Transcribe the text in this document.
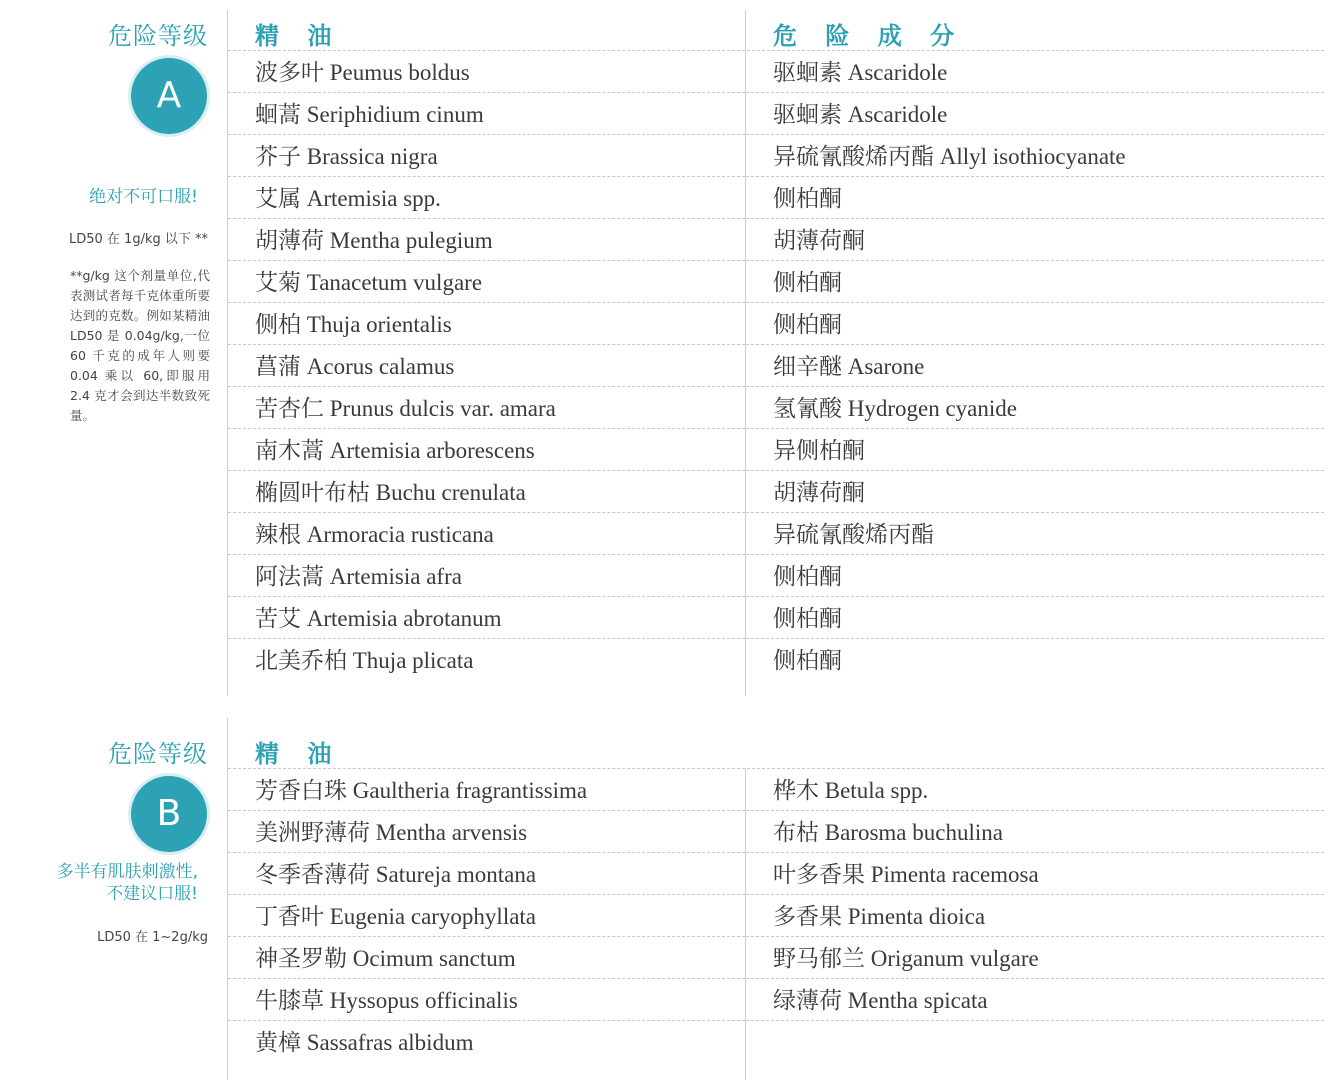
危险等级
A
绝对不可口服!
LD50 在 1g/kg 以下 **
**g/kg 这个剂量单位,代表测试者每千克体重所要达到的克数。例如某精油 LD50 是 0.04g/kg,一位 60 千克的成年人则要 0.04 乘以 60,即服用 2.4 克才会到达半数致死量。
精 油	危 险 成 分
波多叶 Peumus boldus
蛔蒿 Seriphidium cinum
芥子 Brassica nigra
艾属 Artemisia spp.
胡薄荷 Mentha pulegium
艾菊 Tanacetum vulgare
侧柏 Thuja orientalis
菖蒲 Acorus calamus
苦杏仁 Prunus dulcis var. amara
南木蒿 Artemisia arborescens
椭圆叶布枯 Buchu crenulata
辣根 Armoracia rusticana
阿法蒿 Artemisia afra
苦艾 Artemisia abrotanum
北美乔柏 Thuja plicata
驱蛔素 Ascaridole
驱蛔素 Ascaridole
异硫氰酸烯丙酯 Allyl isothiocyanate
侧柏酮
胡薄荷酮
侧柏酮
侧柏酮
细辛醚 Asarone
氢氰酸 Hydrogen cyanide
异侧柏酮
胡薄荷酮
异硫氰酸烯丙酯
侧柏酮
侧柏酮
侧柏酮
危险等级
B
多半有肌肤刺激性,
不建议口服!
LD50 在 1~2g/kg
精 油
芳香白珠 Gaultheria fragrantissima
美洲野薄荷 Mentha arvensis
冬季香薄荷 Satureja montana
丁香叶 Eugenia caryophyllata
神圣罗勒 Ocimum sanctum
牛膝草 Hyssopus officinalis
黄樟 Sassafras albidum
桦木 Betula spp.
布枯 Barosma buchulina
叶多香果 Pimenta racemosa
多香果 Pimenta dioica
野马郁兰 Origanum vulgare
绿薄荷 Mentha spicata
